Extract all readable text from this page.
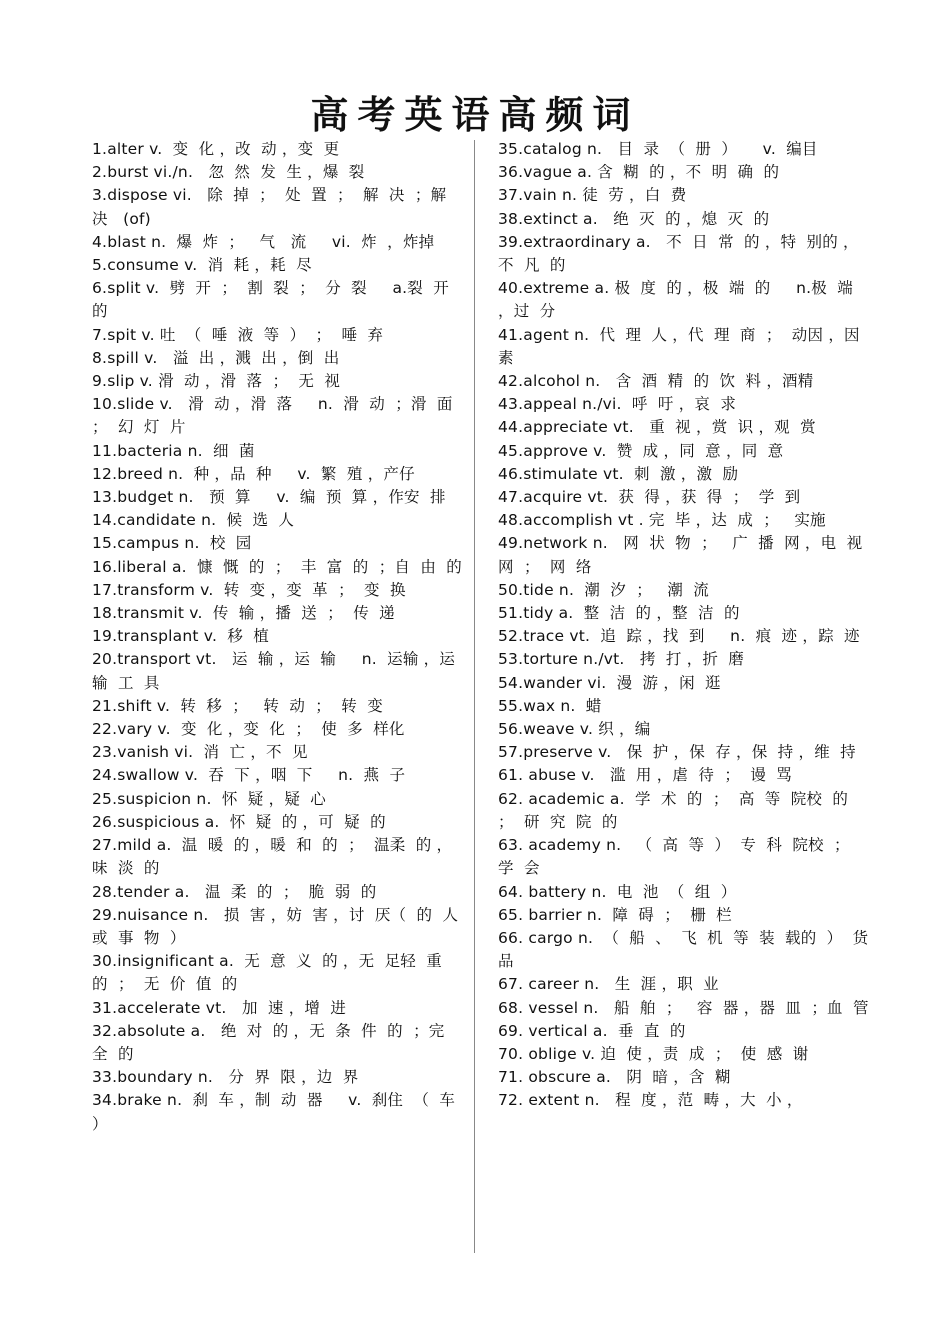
高考英语高频词

1.alter v.  变  化 ，改  动 ，变  更

2.burst vi./n.   忽  然  发  生 ，爆  裂

3.dispose vi.   除  掉  ；  处  置  ；  解  决  ；解  决   (of)

4.blast n.  爆  炸  ；   气   流     vi.  炸  ，炸掉

5.consume v.  消  耗 ，耗  尽

6.split v.  劈  开  ；  割  裂  ；  分  裂     a.裂  开  的

7.spit v. 吐  （  唾  液  等  ）  ；  唾  弃

8.spill v.   溢  出 ，溅  出 ，倒  出

9.slip v. 滑  动 ，滑  落  ；  无  视

10.slide v.   滑  动 ，滑  落     n.  滑  动  ；滑  面  ；  幻  灯  片

11.bacteria n.  细  菌

12.breed n.  种 ，品  种     v.  繁  殖 ，产仔

13.budget n.   预  算     v.  编  预  算 ，作安  排

14.candidate n.  候  选  人

15.campus n.  校  园

16.liberal a.  慷  慨  的  ；  丰  富  的  ；自  由  的

17.transform v.  转  变 ，变  革  ；  变  换

18.transmit v.  传  输 ，播  送  ；  传  递

19.transplant v.  移  植

20.transport vt.   运  输 ，运  输     n.  运输 ，运  输  工  具

21.shift v.  转  移  ；   转  动  ；  转  变

22.vary v.  变  化 ，变  化  ；  使  多  样化

23.vanish vi.  消  亡 ，不  见

24.swallow v.  吞  下 ，咽  下     n.  燕  子

25.suspicion n.  怀  疑 ，疑  心

26.suspicious a.  怀  疑  的 ，可  疑  的

27.mild a.  温  暖  的 ，暖  和  的  ；  温柔  的 ，味  淡  的

28.tender a.   温  柔  的  ；  脆  弱  的

29.nuisance n.   损  害 ，妨  害 ，讨  厌（  的  人  或  事  物  ）

30.insignificant a.  无  意  义  的 ，无  足轻  重  的  ；  无  价  值  的

31.accelerate vt.   加  速 ，增  进

32.absolute a.   绝  对  的 ，无  条  件  的  ；完  全  的

33.boundary n.   分  界  限 ，边  界

34.brake n.  刹  车 ，制  动  器     v.  刹住  （  车  ）

35.catalog n.   目  录  （  册  ）     v.  编目

36.vague a. 含  糊  的 ，不  明  确  的

37.vain n. 徒  劳 ，白  费

38.extinct a.   绝  灭  的 ，熄  灭  的

39.extraordinary a.   不  日  常  的 ，特  别的 ，不  凡  的

40.extreme a. 极  度  的 ，极  端  的     n.极  端 ，过  分

41.agent n.  代  理  人 ，代  理  商  ；  动因 ，因  素

42.alcohol n.   含  酒  精  的  饮  料 ，酒精

43.appeal n./vi.  呼  吁 ，哀  求

44.appreciate vt.   重  视 ，赏  识 ，观  赏

45.approve v.  赞  成 ，同  意 ，同  意

46.stimulate vt.  刺  激 ，激  励

47.acquire vt.  获  得 ，获  得  ；  学  到

48.accomplish vt . 完  毕 ，达  成  ；   实施

49.network n.   网  状  物  ；   广  播  网 ，电  视  网  ；  网  络

50.tide n.  潮  汐  ；   潮  流

51.tidy a.  整  洁  的 ，整  洁  的

52.trace vt.  追  踪 ，找  到     n.  痕  迹 ，踪  迹

53.torture n./vt.   拷  打 ，折  磨

54.wander vi.  漫  游 ，闲  逛

55.wax n.  蜡

56.weave v. 织 ，编

57.preserve v.   保  护 ，保  存 ，保  持 ，维  持

61. abuse v.   滥  用 ，虐  待  ；  谩  骂

62. academic a.  学  术  的  ；  高  等  院校  的  ；  研  究  院  的

63. academy n.   （  高  等  ）  专  科  院校  ；  学  会

64. battery n.  电  池  （  组  ）

65. barrier n.  障  碍  ；  栅  栏

66. cargo n.  （  船  、  飞  机  等  装  载的  ）  货  品

67. career n.   生  涯 ，职  业

68. vessel n.   船  舶  ；   容  器 ，器  皿  ；血  管

69. vertical a.  垂  直  的

70. oblige v. 迫  使 ，责  成  ；  使  感  谢

71. obscure a.   阴  暗 ，含  糊

72. extent n.   程  度 ，范  畴 ，大  小 ，
